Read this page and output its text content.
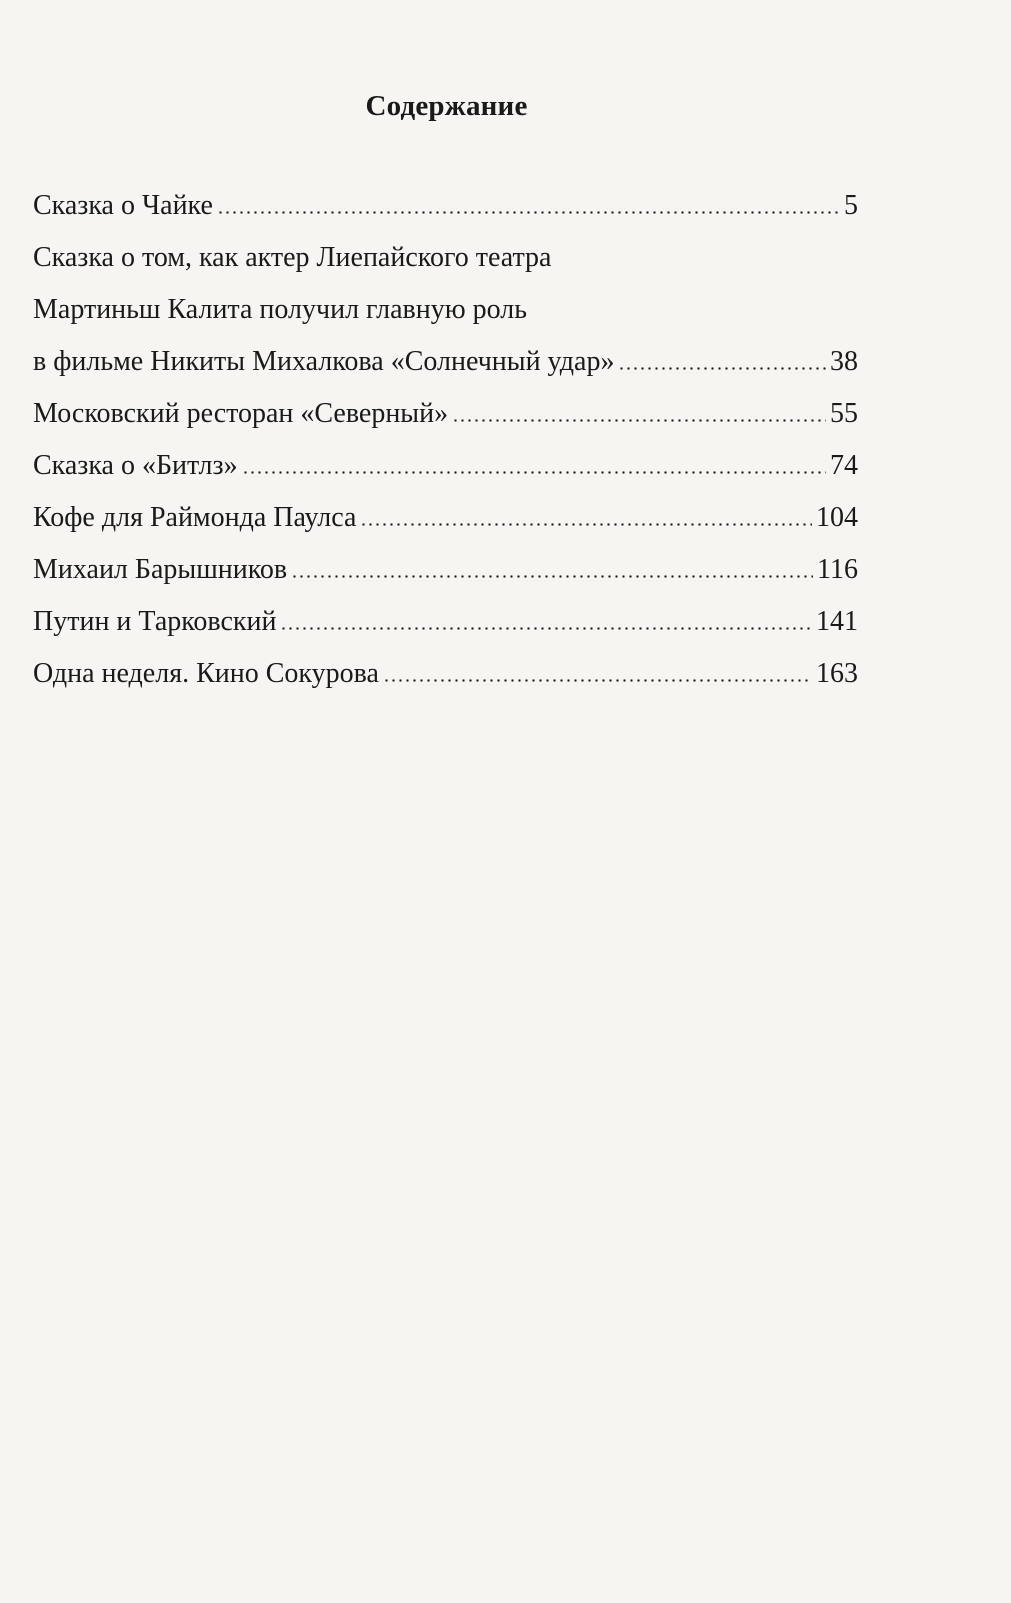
Содержание
Сказка о Чайке	5
Сказка о том, как актер Лиепайского театра
Мартиньш Калита получил главную роль
в фильме Никиты Михалкова «Солнечный удар»	38
Московский ресторан «Северный»	55
Сказка о «Битлз»	74
Кофе для Раймонда Паулса	104
Михаил Барышников	116
Путин и Тарковский	141
Одна неделя. Кино Сокурова	163
